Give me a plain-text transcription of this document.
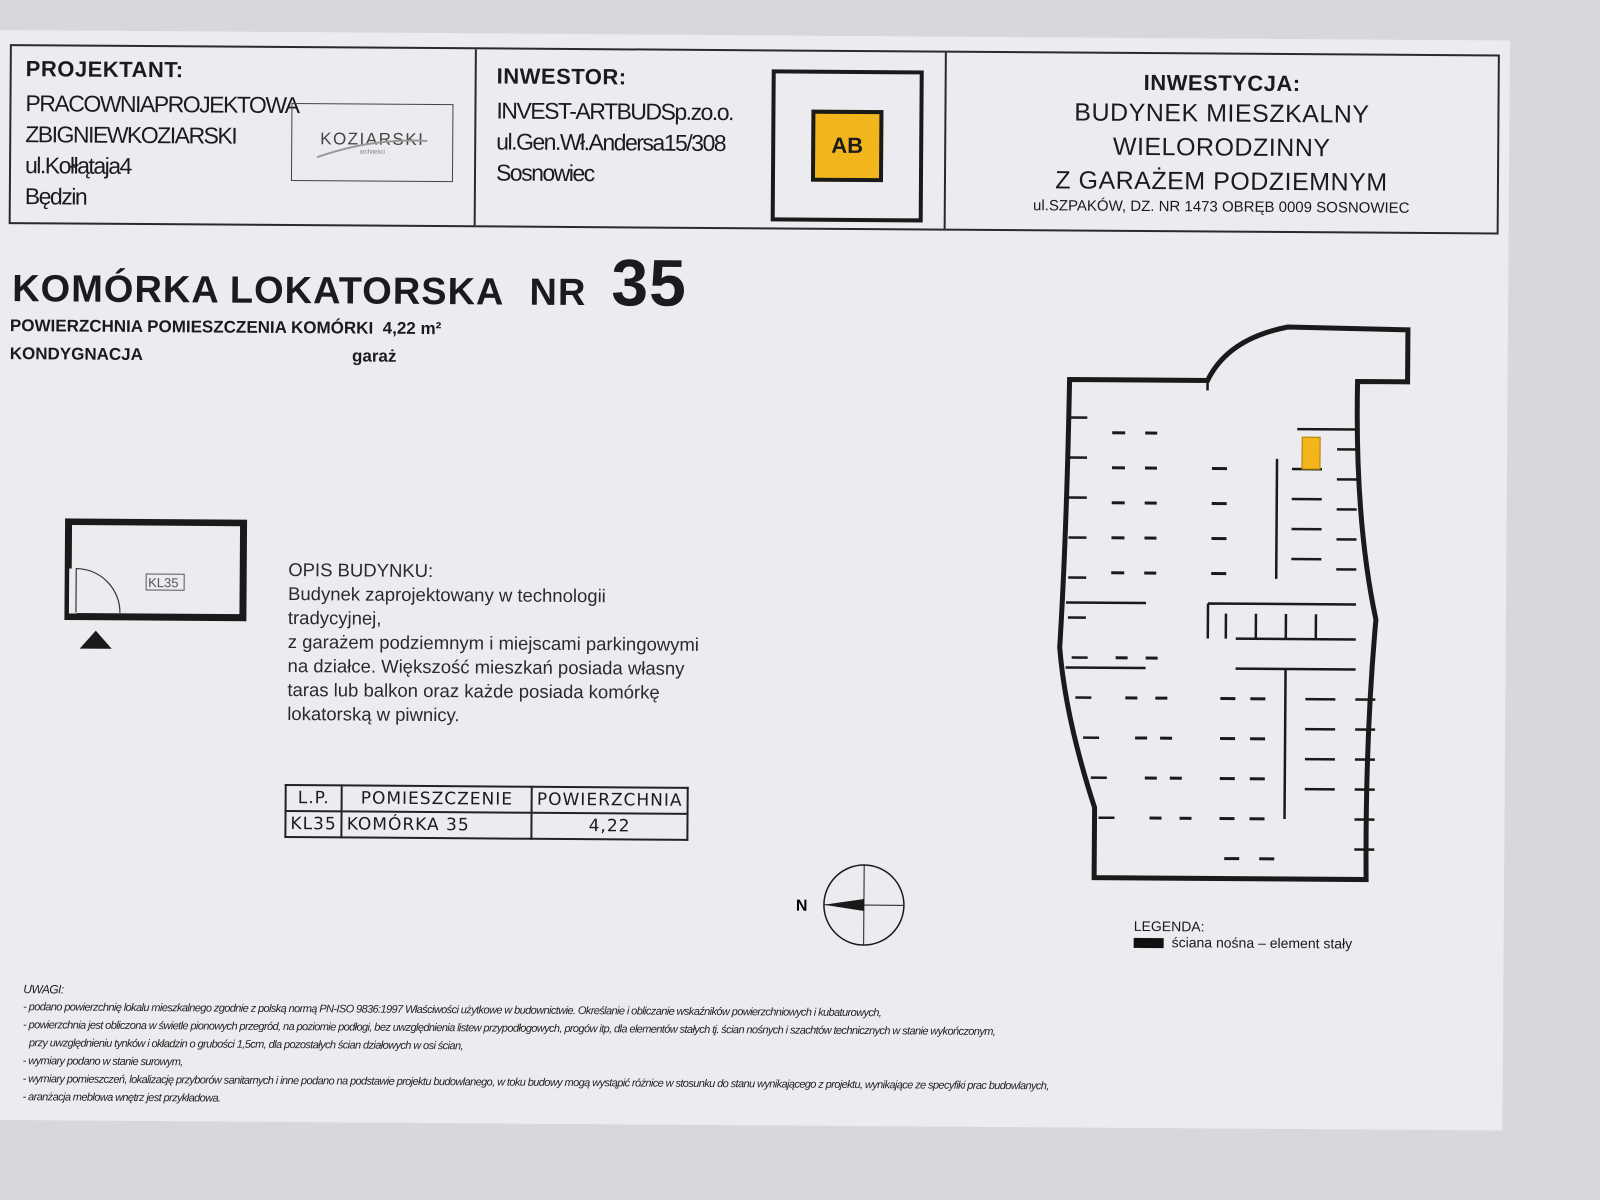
PROJEKTANT:
PRACOWNIAPROJEKTOWA
ZBIGNIEWKOZIARSKI
ul.Kołłątaja4
Będzin
KOZIARSKI
architekci
INWESTOR:
INVEST-ARTBUDSp.zo.o.
ul.Gen.Wł.Andersa15/308
Sosnowiec
AB
INWESTYCJA:
BUDYNEK MIESZKALNY
WIELORODZINNY
Z GARAŻEM PODZIEMNYM
ul.SZPAKÓW, DZ. NR 1473 OBRĘB 0009 SOSNOWIEC
KOMÓRKA LOKATORSKA NR 35
POWIERZCHNIA POMIESZCZENIA KOMÓRKI 4,22 m²
KONDYGNACJA	garaż
KL35
OPIS BUDYNKU:
Budynek zaprojektowany w technologii
tradycyjnej,
z garażem podziemnym i miejscami parkingowymi
na działce. Większość mieszkań posiada własny
taras lub balkon oraz każde posiada komórkę
lokatorską w piwnicy.
L.P.	POMIESZCZENIE	POWIERZCHNIA
KL35	KOMÓRKA 35	4,22
N
LEGENDA:
ściana nośna – element stały
UWAGI:
- podano powierzchnię lokalu mieszkalnego zgodnie z polską normą PN-ISO 9836:1997 Właściwości użytkowe w budownictwie. Określanie i obliczanie wskaźników powierzchniowych i kubaturowych,
- powierzchnia jest obliczona w świetle pionowych przegród, na poziomie podłogi, bez uwzględnienia listew przypodłogowych, progów itp, dla elementów stałych tj. ścian nośnych i szachtów technicznych w stanie wykończonym,
przy uwzględnieniu tynków i okładzin o grubości 1,5cm, dla pozostałych ścian działowych w osi ścian,
- wymiary podano w stanie surowym,
- wymiary pomieszczeń, lokalizację przyborów sanitarnych i inne podano na podstawie projektu budowlanego, w toku budowy mogą wystąpić różnice w stosunku do stanu wynikającego z projektu, wynikające ze specyfiki prac budowlanych,
- aranżacja meblowa wnętrz jest przykładowa.
